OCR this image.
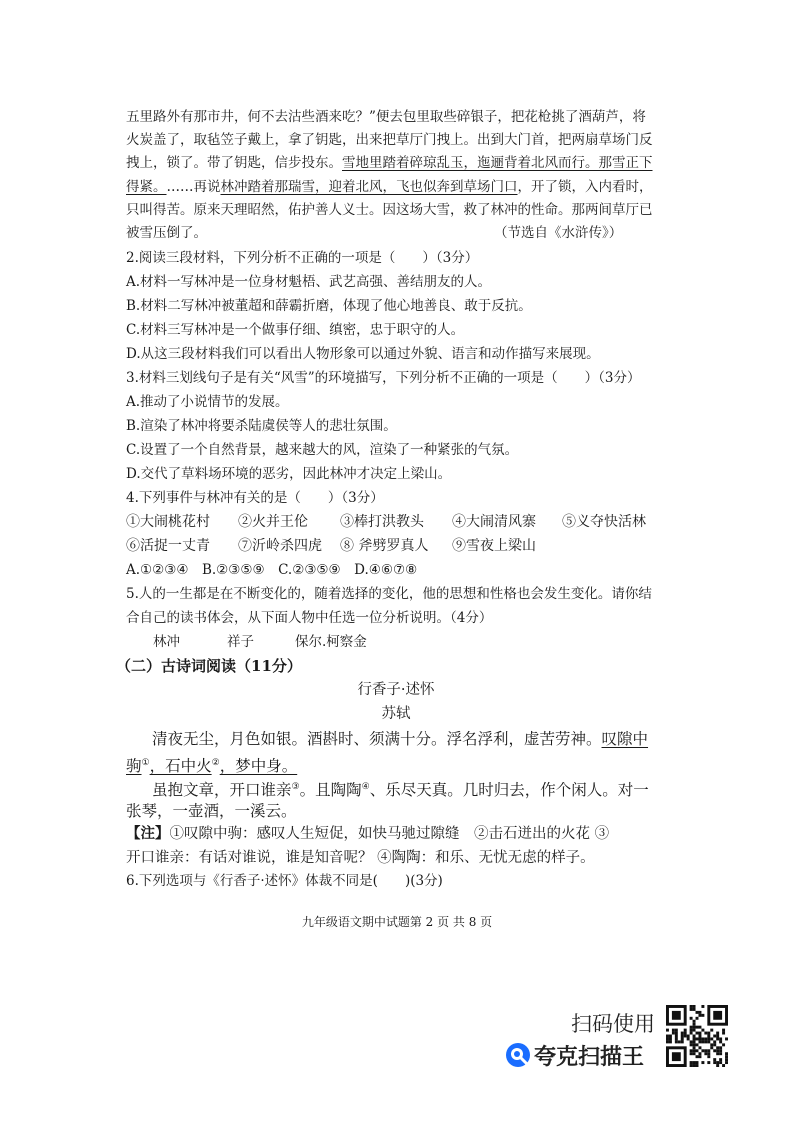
五里路外有那市井，何不去沽些酒来吃？”便去包里取些碎银子，把花枪挑了酒葫芦，将
火炭盖了，取毡笠子戴上，拿了钥匙，出来把草厅门拽上。出到大门首，把两扇草场门反
拽上，锁了。带了钥匙，信步投东。雪地里踏着碎琼乱玉，迤逦背着北风而行。那雪正下
得紧。……再说林冲踏着那瑞雪，迎着北风，飞也似奔到草场门口，开了锁，入内看时，
只叫得苦。原来天理昭然，佑护善人义士。因这场大雪，救了林冲的性命。那两间草厅已
被雪压倒了。	（节选自《水浒传》）
2.阅读三段材料，下列分析不正确的一项是（　　）（3分）
A.材料一写林冲是一位身材魁梧、武艺高强、善结朋友的人。
B.材料二写林冲被董超和薛霸折磨，体现了他心地善良、敢于反抗。
C.材料三写林冲是一个做事仔细、缜密，忠于职守的人。
D.从这三段材料我们可以看出人物形象可以通过外貌、语言和动作描写来展现。
3.材料三划线句子是有关“风雪”的环境描写，下列分析不正确的一项是（　　）（3分）
A.推动了小说情节的发展。
B.渲染了林冲将要杀陆虞侯等人的悲壮氛围。
C.设置了一个自然背景，越来越大的风，渲染了一种紧张的气氛。
D.交代了草料场环境的恶劣，因此林冲才决定上梁山。
4.下列事件与林冲有关的是（　　）（3分）
①大闹桃花村 ②火并王伦 ③棒打洪教头 ④大闹清风寨 ⑤义夺快活林
⑥活捉一丈青 ⑦沂岭杀四虎 ⑧ 斧劈罗真人 ⑨雪夜上梁山
A.①②③④　B.②③⑤⑨　C.②③⑤⑨　D.④⑥⑦⑧
5.人的一生都是在不断变化的，随着选择的变化，他的思想和性格也会发生变化。请你结
合自己的读书体会，从下面人物中任选一位分析说明。（4分）
林冲	祥子	保尔.柯察金
（二）古诗词阅读（11分）
行香子·述怀
苏轼
清夜无尘，月色如银。酒斟时、须满十分。浮名浮利，虚苦劳神。叹隙中
驹①，石中火②，梦中身。
虽抱文章，开口谁亲③。且陶陶④、乐尽天真。几时归去，作个闲人。对一
张琴，一壶酒，一溪云。
【注】①叹隙中驹：感叹人生短促，如快马驰过隙缝　②击石迸出的火花 ③
开口谁亲：有话对谁说，谁是知音呢？ ④陶陶：和乐、无忧无虑的样子。
6.下列选项与《行香子·述怀》体裁不同是(　　)(3分)
九年级语文期中试题第 2 页 共 8 页
扫码使用
夸克扫描王
